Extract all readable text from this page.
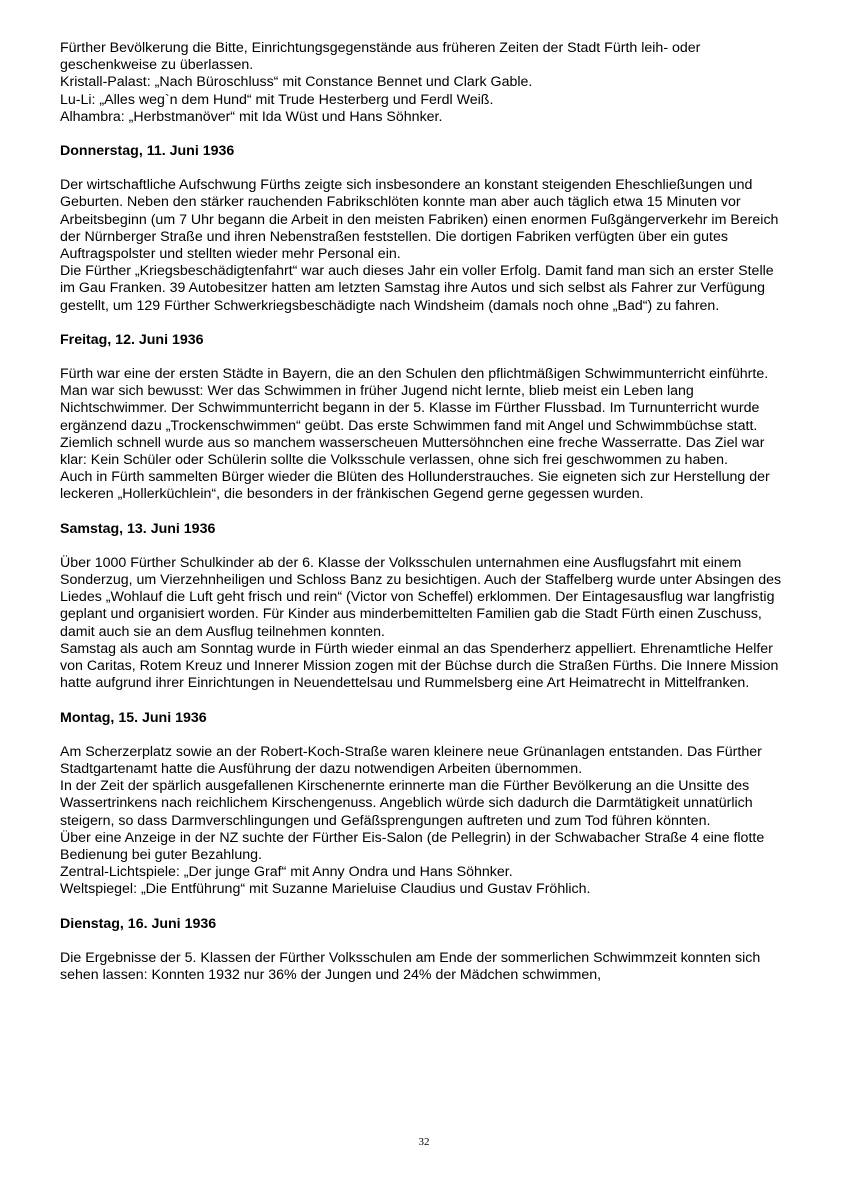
Fürther Bevölkerung die Bitte, Einrichtungsgegenstände aus früheren Zeiten der Stadt Fürth leih- oder geschenkweise zu überlassen.

Kristall-Palast: „Nach Büroschluss“ mit Constance Bennet und Clark Gable.

Lu-Li: „Alles weg`n dem Hund“ mit Trude Hesterberg und Ferdl Weiß.

Alhambra: „Herbstmanöver“ mit Ida Wüst und Hans Söhnker.

Donnerstag, 11. Juni 1936

Der wirtschaftliche Aufschwung Fürths zeigte sich insbesondere an konstant steigenden Eheschließungen und Geburten. Neben den stärker rauchenden Fabrikschlöten konnte man aber auch täglich etwa 15 Minuten vor Arbeitsbeginn (um 7 Uhr begann die Arbeit in den meisten Fabriken) einen enormen Fußgängerverkehr im Bereich der Nürnberger Straße und ihren Nebenstraßen feststellen. Die dortigen Fabriken verfügten über ein gutes Auftragspolster und stellten wieder mehr Personal ein.

Die Fürther „Kriegsbeschädigtenfahrt“ war auch dieses Jahr ein voller Erfolg. Damit fand man sich an erster Stelle im Gau Franken. 39 Autobesitzer hatten am letzten Samstag ihre Autos und sich selbst als Fahrer zur Verfügung gestellt, um 129 Fürther Schwerkriegsbeschädigte nach Windsheim (damals noch ohne „Bad“) zu fahren.

Freitag, 12. Juni 1936

Fürth war eine der ersten Städte in Bayern, die an den Schulen den pflichtmäßigen Schwimmunterricht einführte. Man war sich bewusst: Wer das Schwimmen in früher Jugend nicht lernte, blieb meist ein Leben lang Nichtschwimmer. Der Schwimmunterricht begann in der 5. Klasse im Fürther Flussbad. Im Turnunterricht wurde ergänzend dazu „Trockenschwimmen“ geübt. Das erste Schwimmen fand mit Angel und Schwimmbüchse statt. Ziemlich schnell wurde aus so manchem wasserscheuen Muttersöhnchen eine freche Wasserratte. Das Ziel war klar: Kein Schüler oder Schülerin sollte die Volksschule verlassen, ohne sich frei geschwommen zu haben.

Auch in Fürth sammelten Bürger wieder die Blüten des Hollunderstrauches. Sie eigneten sich zur Herstellung der leckeren „Hollerküchlein“, die besonders in der fränkischen Gegend gerne gegessen wurden.

Samstag, 13. Juni 1936

Über 1000 Fürther Schulkinder ab der 6. Klasse der Volksschulen unternahmen eine Ausflugsfahrt mit einem Sonderzug, um Vierzehnheiligen und Schloss Banz zu besichtigen. Auch der Staffelberg wurde unter Absingen des Liedes „Wohlauf die Luft geht frisch und rein“ (Victor von Scheffel) erklommen. Der Eintagesausflug war langfristig geplant und organisiert worden. Für Kinder aus minderbemittelten Familien gab die Stadt Fürth einen Zuschuss, damit auch sie an dem Ausflug teilnehmen konnten.

Samstag als auch am Sonntag wurde in Fürth wieder einmal an das Spenderherz appelliert. Ehrenamtliche Helfer von Caritas, Rotem Kreuz und Innerer Mission zogen mit der Büchse durch die Straßen Fürths. Die Innere Mission hatte aufgrund ihrer Einrichtungen in Neuendettelsau und Rummelsberg eine Art Heimatrecht in Mittelfranken.

Montag, 15. Juni 1936

Am Scherzerplatz sowie an der Robert-Koch-Straße waren kleinere neue Grünanlagen entstanden. Das Fürther Stadtgartenamt hatte die Ausführung der dazu notwendigen Arbeiten übernommen.

In der Zeit der spärlich ausgefallenen Kirschenernte erinnerte man die Fürther Bevölkerung an die Unsitte des Wassertrinkens nach reichlichem Kirschengenuss. Angeblich würde sich dadurch die Darmtätigkeit unnatürlich steigern, so dass Darmverschlingungen und Gefäßsprengungen auftreten und zum Tod führen könnten.

Über eine Anzeige in der NZ suchte der Fürther Eis-Salon (de Pellegrin) in der Schwabacher Straße 4 eine flotte Bedienung bei guter Bezahlung.

Zentral-Lichtspiele: „Der junge Graf“ mit Anny Ondra und Hans Söhnker.

Weltspiegel: „Die Entführung“ mit Suzanne Marieluise Claudius und Gustav Fröhlich.

Dienstag, 16. Juni 1936

Die Ergebnisse der 5. Klassen der Fürther Volksschulen am Ende der sommerlichen Schwimmzeit konnten sich sehen lassen: Konnten 1932 nur 36% der Jungen und 24% der Mädchen schwimmen,

32
